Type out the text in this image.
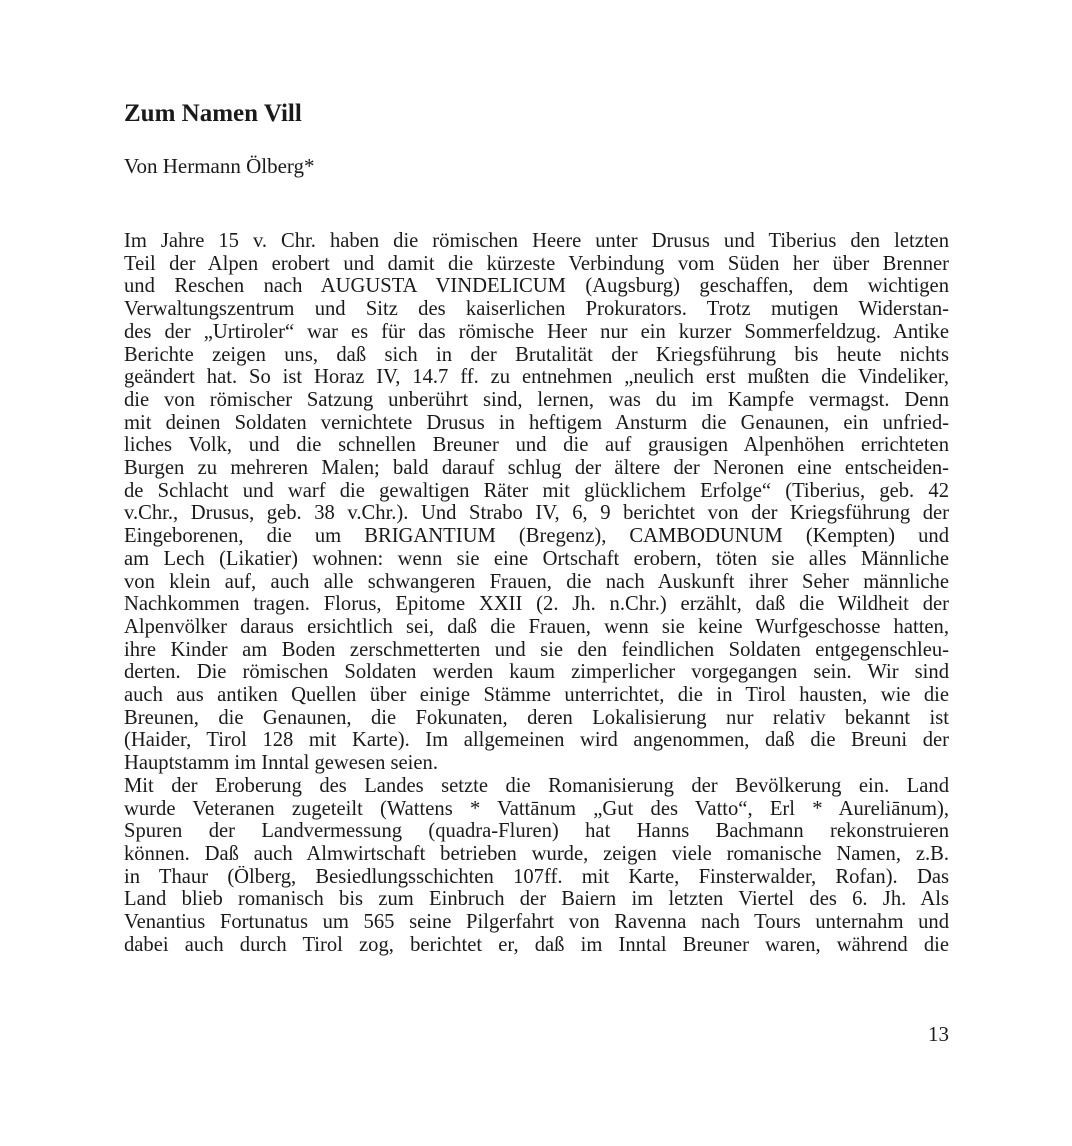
Zum Namen Vill

Von Hermann Ölberg*

Im Jahre 15 v. Chr. haben die römischen Heere unter Drusus und Tiberius den letzten
Teil der Alpen erobert und damit die kürzeste Verbindung vom Süden her über Brenner
und Reschen nach AUGUSTA VINDELICUM (Augsburg) geschaffen, dem wichtigen
Verwaltungszentrum und Sitz des kaiserlichen Prokurators. Trotz mutigen Widerstan-
des der „Urtiroler“ war es für das römische Heer nur ein kurzer Sommerfeldzug. Antike
Berichte zeigen uns, daß sich in der Brutalität der Kriegsführung bis heute nichts
geändert hat. So ist Horaz IV, 14.7 ff. zu entnehmen „neulich erst mußten die Vindeliker,
die von römischer Satzung unberührt sind, lernen, was du im Kampfe vermagst. Denn
mit deinen Soldaten vernichtete Drusus in heftigem Ansturm die Genaunen, ein unfried-
liches Volk, und die schnellen Breuner und die auf grausigen Alpenhöhen errichteten
Burgen zu mehreren Malen; bald darauf schlug der ältere der Neronen eine entscheiden-
de Schlacht und warf die gewaltigen Räter mit glücklichem Erfolge“ (Tiberius, geb. 42
v.Chr., Drusus, geb. 38 v.Chr.). Und Strabo IV, 6, 9 berichtet von der Kriegsführung der
Eingeborenen, die um BRIGANTIUM (Bregenz), CAMBODUNUM (Kempten) und
am Lech (Likatier) wohnen: wenn sie eine Ortschaft erobern, töten sie alles Männliche
von klein auf, auch alle schwangeren Frauen, die nach Auskunft ihrer Seher männliche
Nachkommen tragen. Florus, Epitome XXII (2. Jh. n.Chr.) erzählt, daß die Wildheit der
Alpenvölker daraus ersichtlich sei, daß die Frauen, wenn sie keine Wurfgeschosse hatten,
ihre Kinder am Boden zerschmetterten und sie den feindlichen Soldaten entgegenschleu-
derten. Die römischen Soldaten werden kaum zimperlicher vorgegangen sein. Wir sind
auch aus antiken Quellen über einige Stämme unterrichtet, die in Tirol hausten, wie die
Breunen, die Genaunen, die Fokunaten, deren Lokalisierung nur relativ bekannt ist
(Haider, Tirol 128 mit Karte). Im allgemeinen wird angenommen, daß die Breuni der
Hauptstamm im Inntal gewesen seien.
Mit der Eroberung des Landes setzte die Romanisierung der Bevölkerung ein. Land
wurde Veteranen zugeteilt (Wattens * Vattānum „Gut des Vatto“, Erl * Aureliānum),
Spuren der Landvermessung (quadra-Fluren) hat Hanns Bachmann rekonstruieren
können. Daß auch Almwirtschaft betrieben wurde, zeigen viele romanische Namen, z.B.
in Thaur (Ölberg, Besiedlungsschichten 107ff. mit Karte, Finsterwalder, Rofan). Das
Land blieb romanisch bis zum Einbruch der Baiern im letzten Viertel des 6. Jh. Als
Venantius Fortunatus um 565 seine Pilgerfahrt von Ravenna nach Tours unternahm und
dabei auch durch Tirol zog, berichtet er, daß im Inntal Breuner waren, während die
13
